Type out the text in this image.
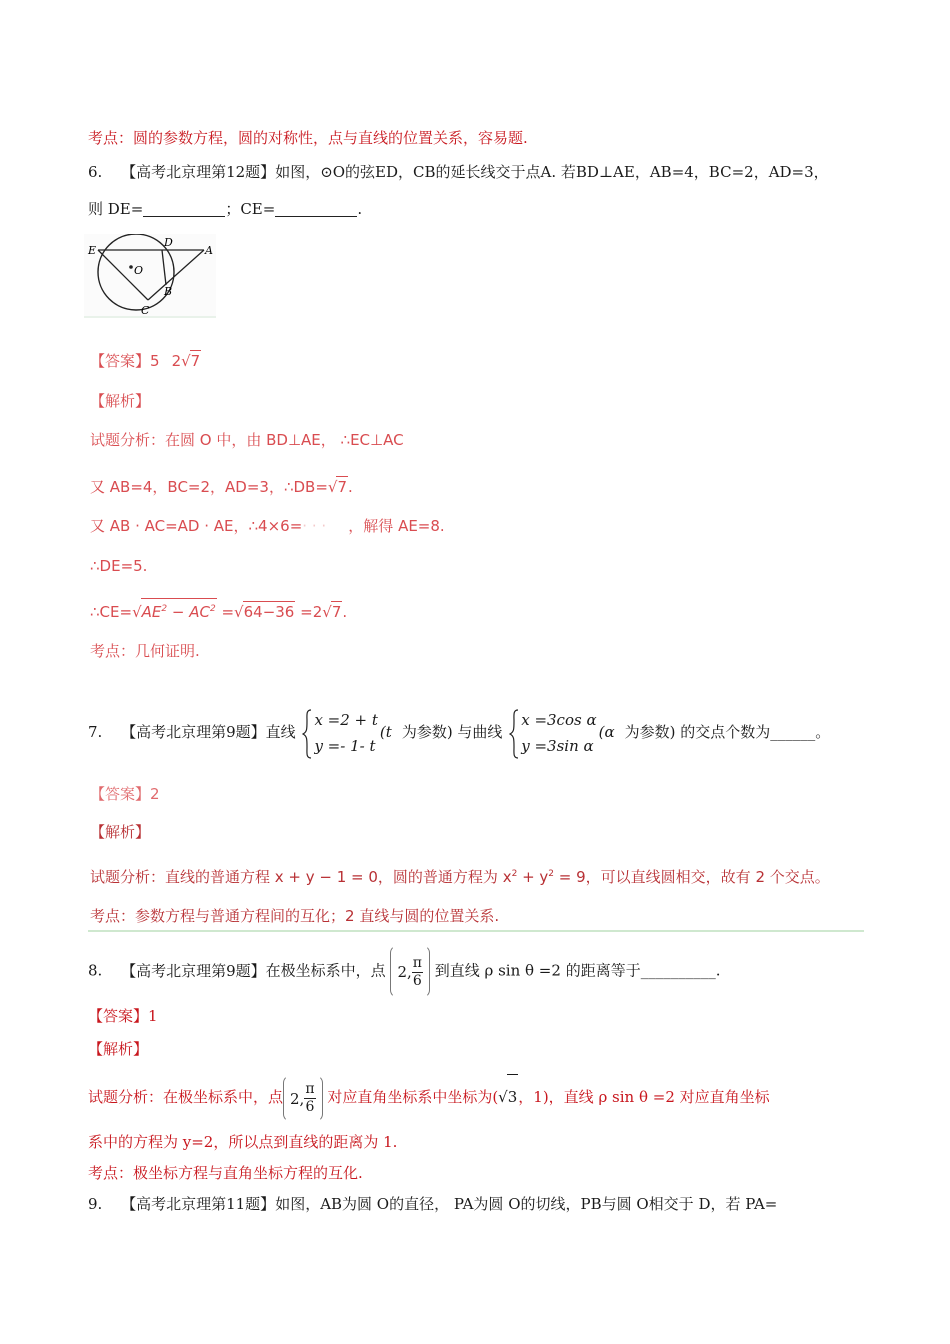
考点：圆的参数方程，圆的对称性，点与直线的位置关系，容易题.
6. 【高考北京理第12题】如图，⊙O的弦ED，CB的延长线交于点A. 若BD⊥AE，AB=4，BC=2，AD=3，
则 DE=	；CE=	.
E
D
A
O
B
C
【答案】5 2√7
【解析】
试题分析：在圆 O 中，由 BD⊥AE， ∴EC⊥AC
又 AB=4，BC=2，AD=3，∴DB=√7.
又 AB · AC=AD · AE，∴4×6=· · · ，解得 AE=8.
∴DE=5.
$\therefore CE=√AE^2 - AC^2 =√64-36 =2√7$.
考点：几何证明.
7. 【高考北京理第9题】直线
x =2 + t
y =- 1- t
(t 为参数) 与曲线
x =3cos α
y =3sin α
(α 为参数) 的交点个数为______。
【答案】2
【解析】
试题分析：直线的普通方程 x + y − 1 = 0，圆的普通方程为 $x^2 + y^2 = 9$，可以直线圆相交，故有 2 个交点。
考点：参数方程与普通方程间的互化；2 直线与圆的位置关系.
8. 【高考北京理第9题】在极坐标系中，点 2, $\frac{\pi}{6}$ 到直线 ρ sin θ =2 的距离等于__________.
【答案】1
【解析】
试题分析：在极坐标系中，点 2, $\frac{\pi}{6}$ 对应直角坐标系中坐标为(√3，1)，直线 ρ sin θ =2 对应直角坐标
系中的方程为 y=2，所以点到直线的距离为 1.
考点：极坐标方程与直角坐标方程的互化.
9. 【高考北京理第11题】如图，AB为圆 O的直径， PA为圆 O的切线，PB与圆 O相交于 D，若 PA=
